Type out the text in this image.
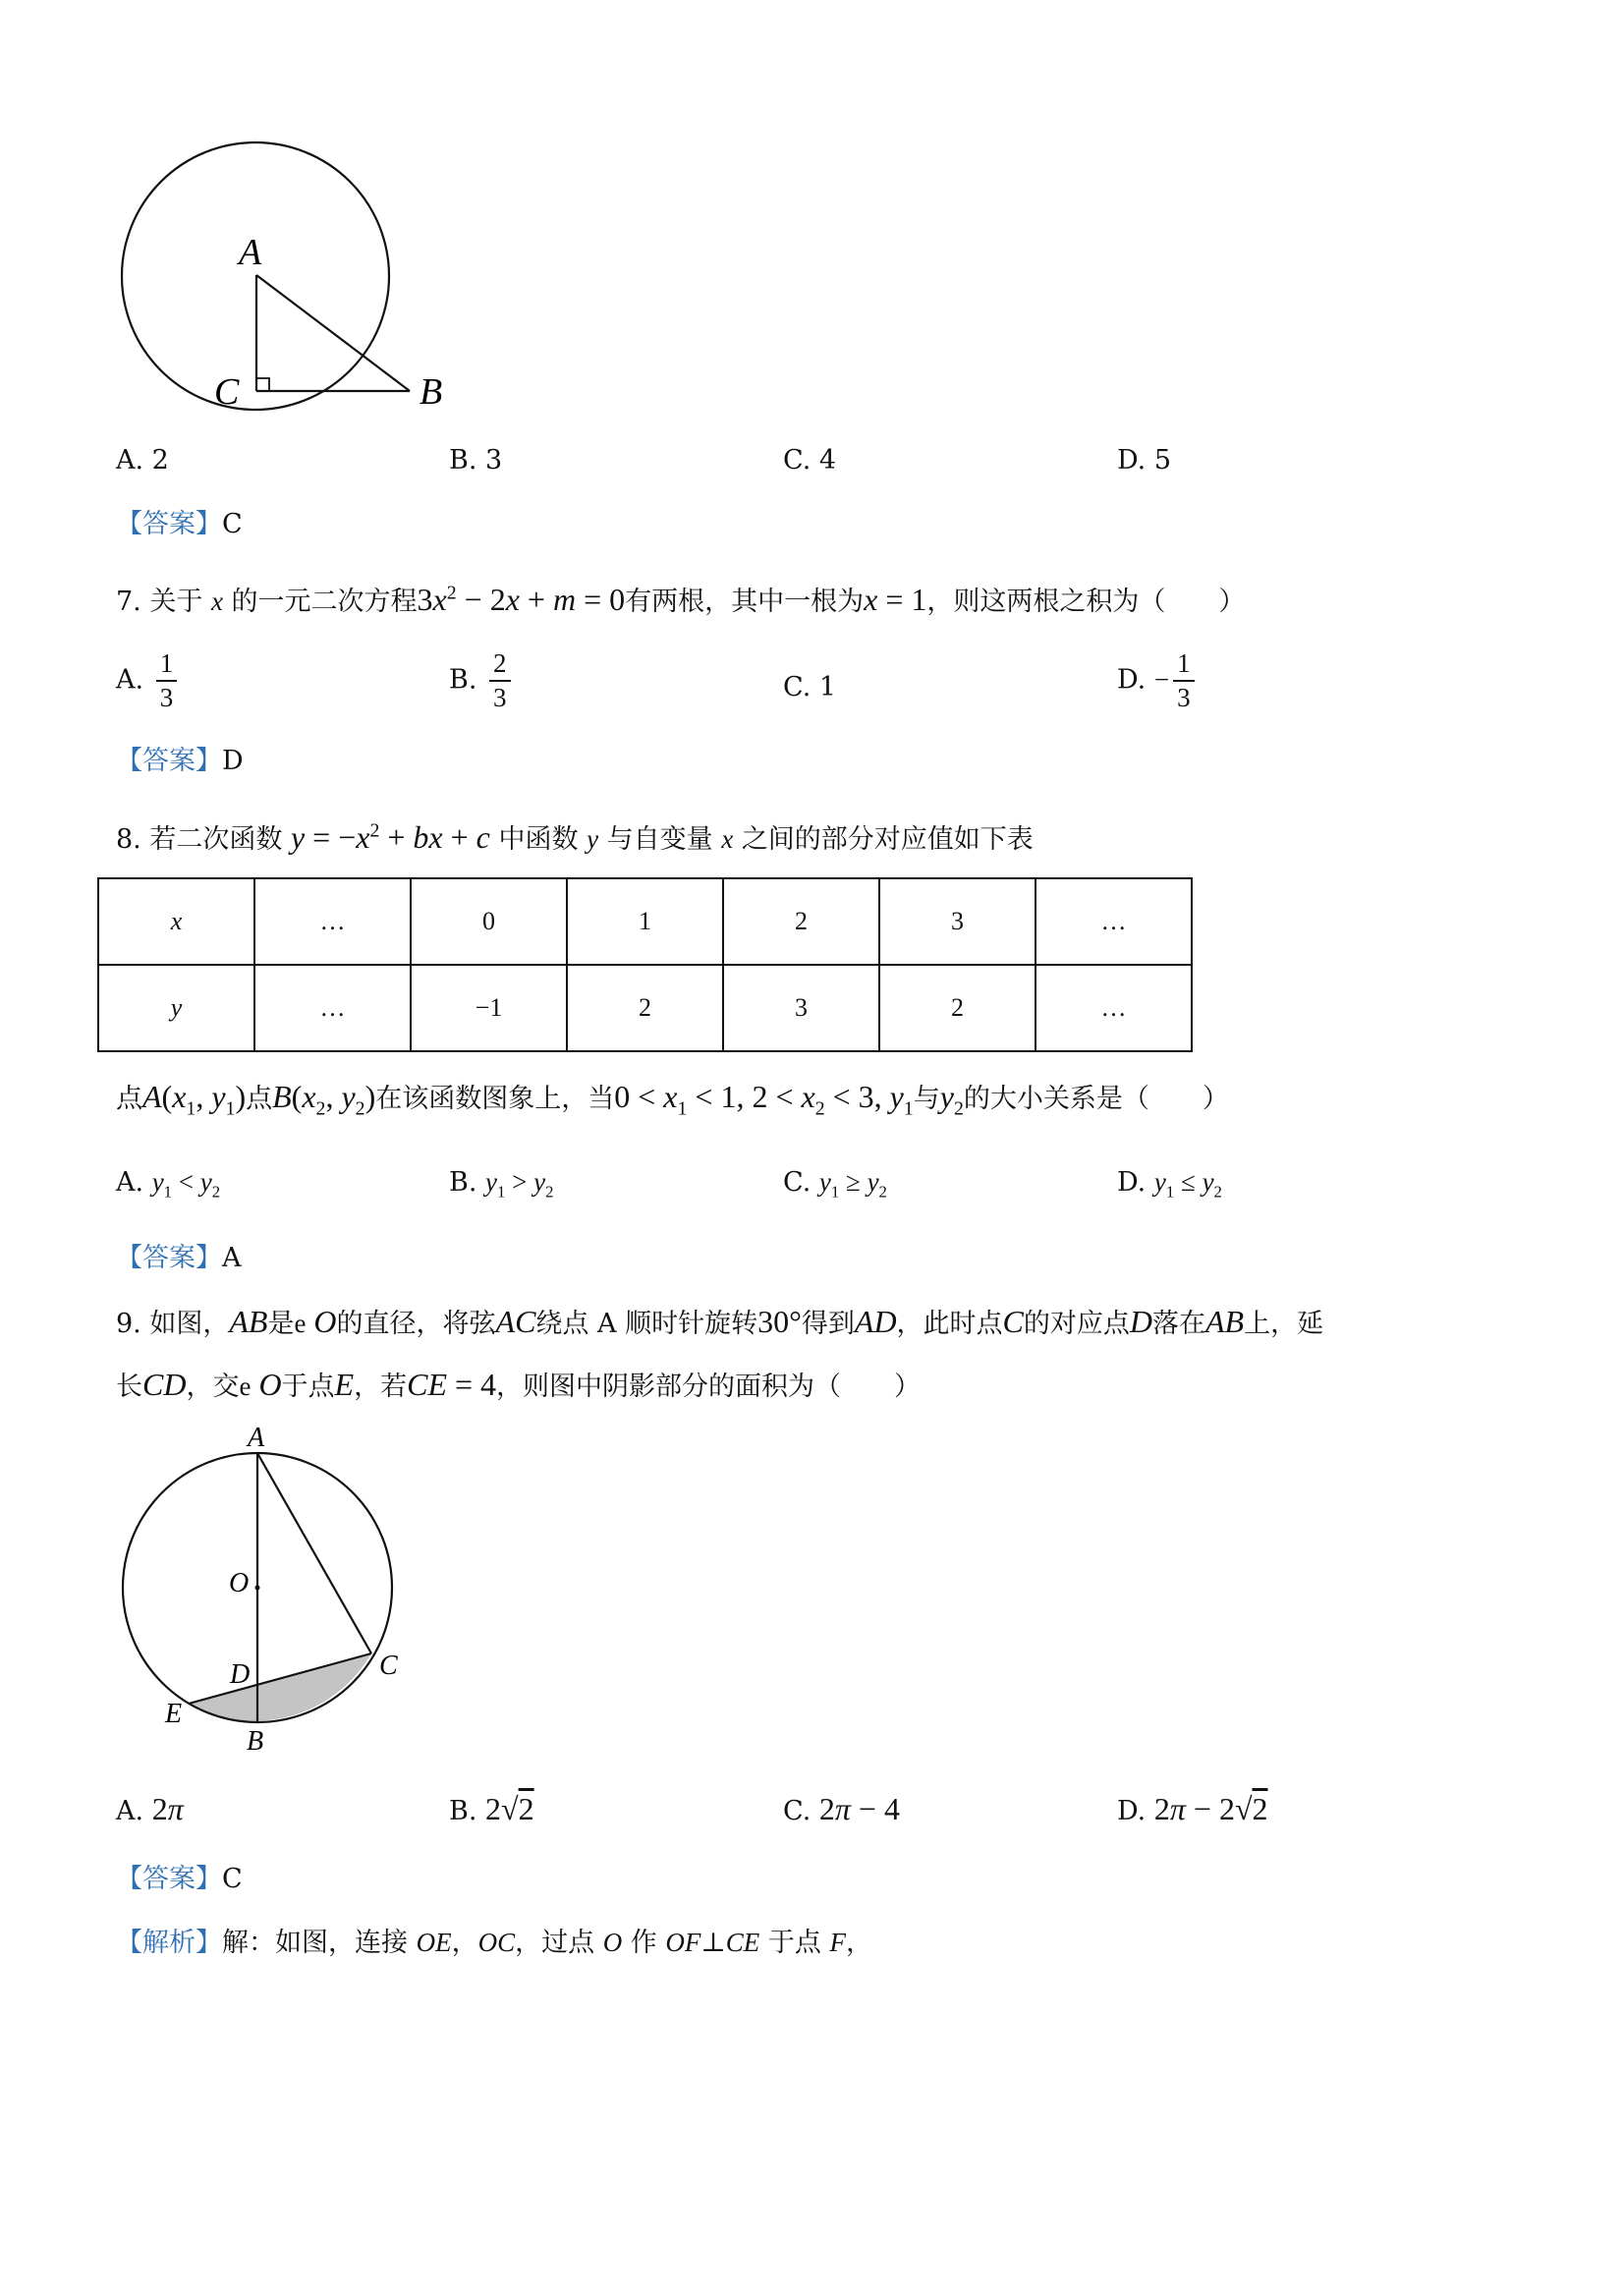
A
C	B
A. 2	B. 3	C. 4	D. 5
【答案】C
7. 关于 x 的一元二次方程$3x^2 - 2x + m = 0$有两根，其中一根为x = 1，则这两根之积为（　　）
A. $\frac{1}{3}$	B. $\frac{2}{3}$	C. 1	D. − $\frac{1}{3}$
【答案】D
8. 若二次函数 $y = -x^2$ + bx + c 中函数 y 与自变量 x 之间的部分对应值如下表
x	…	0	1	2	3	…
y	…	−1	2	3	2	…
点$A(x_1$, $y_1$)点$B(x_2$, $y_2$)在该函数图象上，当$0 < x_1 < 1$, $2 < x_2 < 3$, $y_1$与$y_2$的大小关系是（　　）
A. $y_1 < y_2$	B. $y_1 > y_2$	C. $y_1 \ge y_2$	D. $y_1 \le y_2$
【答案】A
9. 如图，AB是e O的直径，将弦AC绕点 A 顺时针旋转30°得到AD，此时点C的对应点D落在AB上，延
长CD，交e O于点E，若CE = 4，则图中阴影部分的面积为（　　）
A
O
D	C
E
B
A. 2π	B. 2√2	C. 2π − 4	D. 2π − 2√2
【答案】C
【解析】解：如图，连接 OE，OC，过点 O 作 OF⊥CE 于点 F，
